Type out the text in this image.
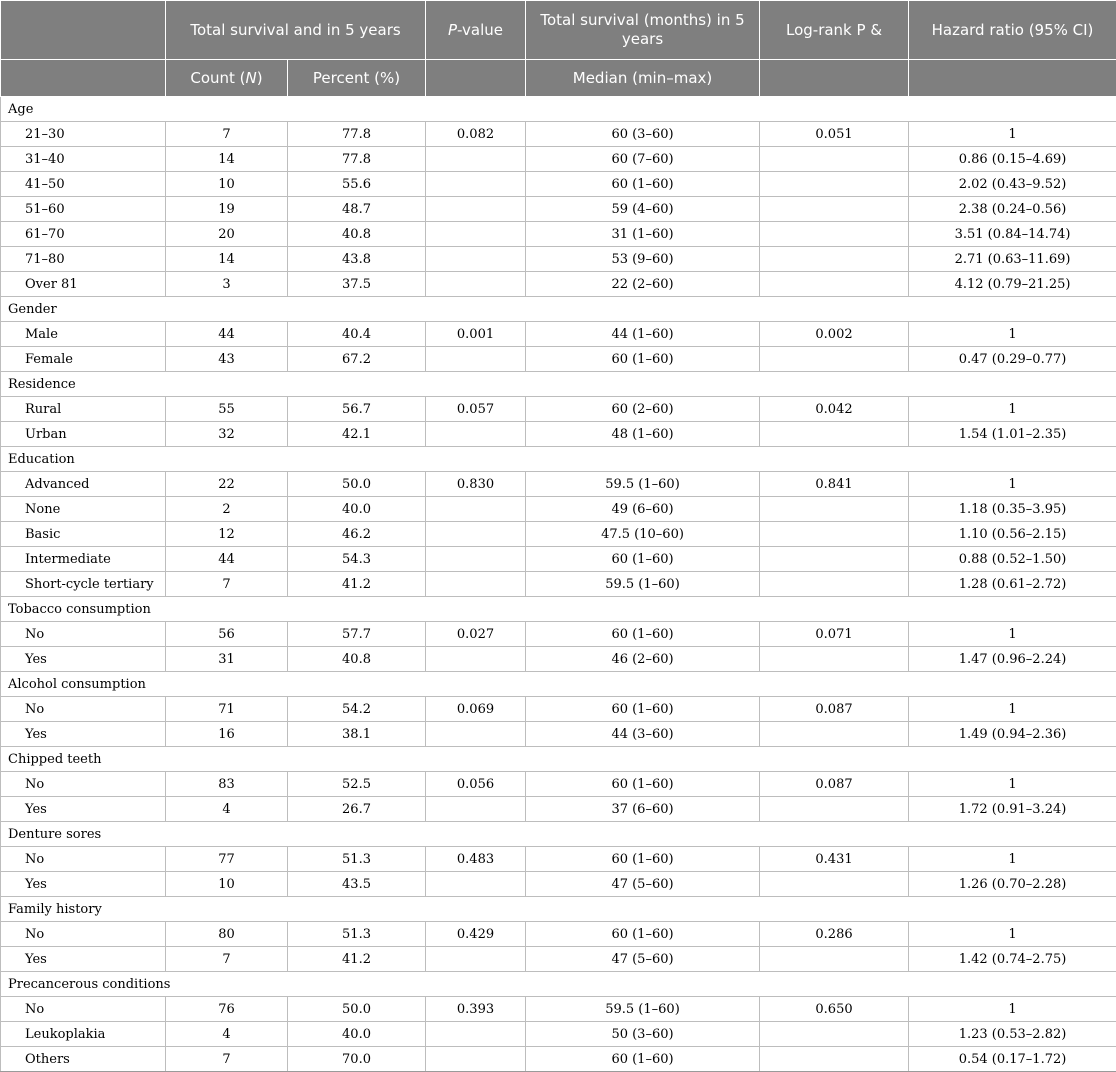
	Total survival and in 5 years		P-value	Total survival (months) in 5 years	Log-rank P &	Hazard ratio (95% CI)
	Count (N)	Percent (%)		Median (min–max)		
Age						
21–30	7	77.8	0.082	60 (3–60)	0.051	1
31–40	14	77.8		60 (7–60)		0.86 (0.15–4.69)
41–50	10	55.6		60 (1–60)		2.02 (0.43–9.52)
51–60	19	48.7		59 (4–60)		2.38 (0.24–0.56)
61–70	20	40.8		31 (1–60)		3.51 (0.84–14.74)
71–80	14	43.8		53 (9–60)		2.71 (0.63–11.69)
Over 81	3	37.5		22 (2–60)		4.12 (0.79–21.25)
Gender						
Male	44	40.4	0.001	44 (1–60)	0.002	1
Female	43	67.2		60 (1–60)		0.47 (0.29–0.77)
Residence						
Rural	55	56.7	0.057	60 (2–60)	0.042	1
Urban	32	42.1		48 (1–60)		1.54 (1.01–2.35)
Education						
Advanced	22	50.0	0.830	59.5 (1–60)	0.841	1
None	2	40.0		49 (6–60)		1.18 (0.35–3.95)
Basic	12	46.2		47.5 (10–60)		1.10 (0.56–2.15)
Intermediate	44	54.3		60 (1–60)		0.88 (0.52–1.50)
Short-cycle tertiary	7	41.2		59.5 (1–60)		1.28 (0.61–2.72)
Tobacco consumption						
No	56	57.7	0.027	60 (1–60)	0.071	1
Yes	31	40.8		46 (2–60)		1.47 (0.96–2.24)
Alcohol consumption						
No	71	54.2	0.069	60 (1–60)	0.087	1
Yes	16	38.1		44 (3–60)		1.49 (0.94–2.36)
Chipped teeth						
No	83	52.5	0.056	60 (1–60)	0.087	1
Yes	4	26.7		37 (6–60)		1.72 (0.91–3.24)
Denture sores						
No	77	51.3	0.483	60 (1–60)	0.431	1
Yes	10	43.5		47 (5–60)		1.26 (0.70–2.28)
Family history						
No	80	51.3	0.429	60 (1–60)	0.286	1
Yes	7	41.2		47 (5–60)		1.42 (0.74–2.75)
Precancerous conditions						
No	76	50.0	0.393	59.5 (1–60)	0.650	1
Leukoplakia	4	40.0		50 (3–60)		1.23 (0.53–2.82)
Others	7	70.0		60 (1–60)		0.54 (0.17–1.72)
